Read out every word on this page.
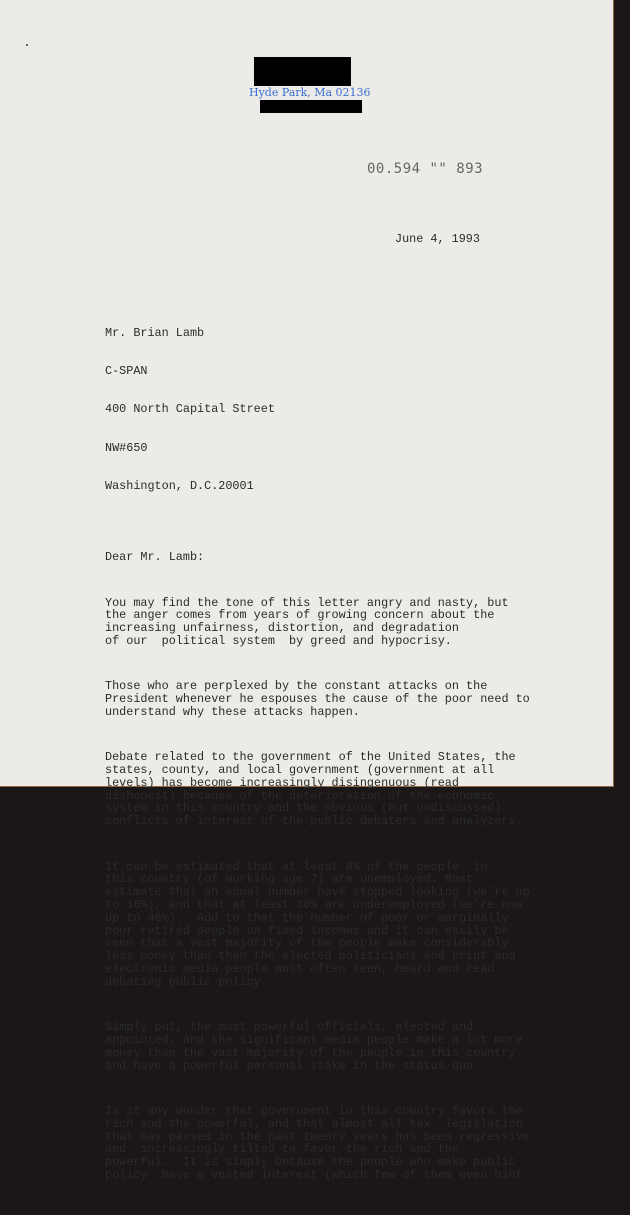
Hyde Park, Ma 02136
00.594 "" 893

June 4, 1993

Mr. Brian Lamb

C-SPAN

400 North Capital Street

NW#650

Washington, D.C.20001

Dear Mr. Lamb:

You may find the tone of this letter angry and nasty, but
the anger comes from years of growing concern about the
increasing unfairness, distortion, and degradation
of our  political system  by greed and hypocrisy.

Those who are perplexed by the constant attacks on the
President whenever he espouses the cause of the poor need to
understand why these attacks happen.

Debate related to the government of the United States, the
states, county, and local government (government at all
levels) has become increasingly disingenuous (read
dishonest) because of the deterioration of the economic
system in this country and the obvious (but undiscussed)
conflicts of interest of the public debaters and analyzers.

It can be estimated that at least 8% of the people  in
this country (of working age ?) are unemployed. Most
estimate that an equal number have stopped looking (we're up
to 16%), and that at least 30% are underemployed (we're now
up to 46%).  Add to that the number of poor or marginally
poor retired people on fixed incomes and it can easily be
seen that a vast majority of the people make considerably
less money than than the elected politicians and print and
electronic media people most often seen, heard and read
debating public policy.

Simply put, the most powerful officials, elected and
appointed, and the significant media people make a lot more
money than the vast majority of the people in this country
and have a powerful personal stake in the status quo.

Is it any wonder that government in this country favors the
rich and the powerful, and that almost all tax  legislation
that has passed in the past twenty years has been regressive
and  increasingly tilted to favor the rich and the
powerful.  It is simply because the people who make public
policy  have a vested interest (which few of them even hint
